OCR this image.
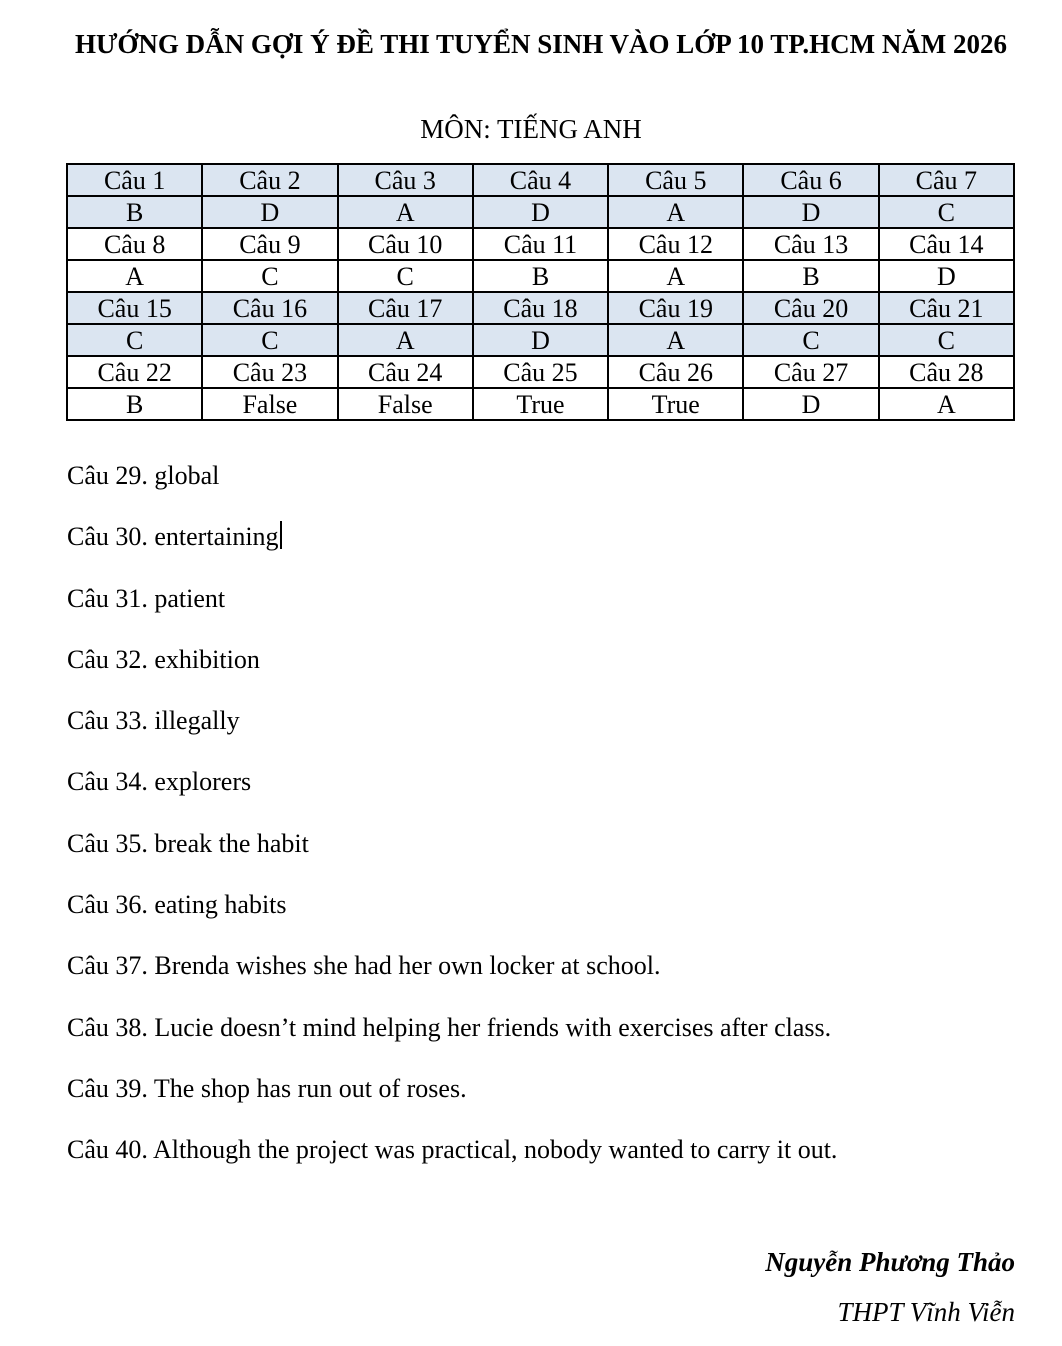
HƯỚNG DẪN GỢI Ý ĐỀ THI TUYỂN SINH VÀO LỚP 10 TP.HCM NĂM 2026
MÔN: TIẾNG ANH
Câu 1	Câu 2	Câu 3	Câu 4	Câu 5	Câu 6	Câu 7
B	D	A	D	A	D	C
Câu 8	Câu 9	Câu 10	Câu 11	Câu 12	Câu 13	Câu 14
A	C	C	B	A	B	D
Câu 15	Câu 16	Câu 17	Câu 18	Câu 19	Câu 20	Câu 21
C	C	A	D	A	C	C
Câu 22	Câu 23	Câu 24	Câu 25	Câu 26	Câu 27	Câu 28
B	False	False	True	True	D	A
Câu 29. global
Câu 30. entertaining
Câu 31. patient
Câu 32. exhibition
Câu 33. illegally
Câu 34. explorers
Câu 35. break the habit
Câu 36. eating habits
Câu 37. Brenda wishes she had her own locker at school.
Câu 38. Lucie doesn’t mind helping her friends with exercises after class.
Câu 39. The shop has run out of roses.
Câu 40. Although the project was practical, nobody wanted to carry it out.
Nguyễn Phương Thảo
THPT Vĩnh Viễn
